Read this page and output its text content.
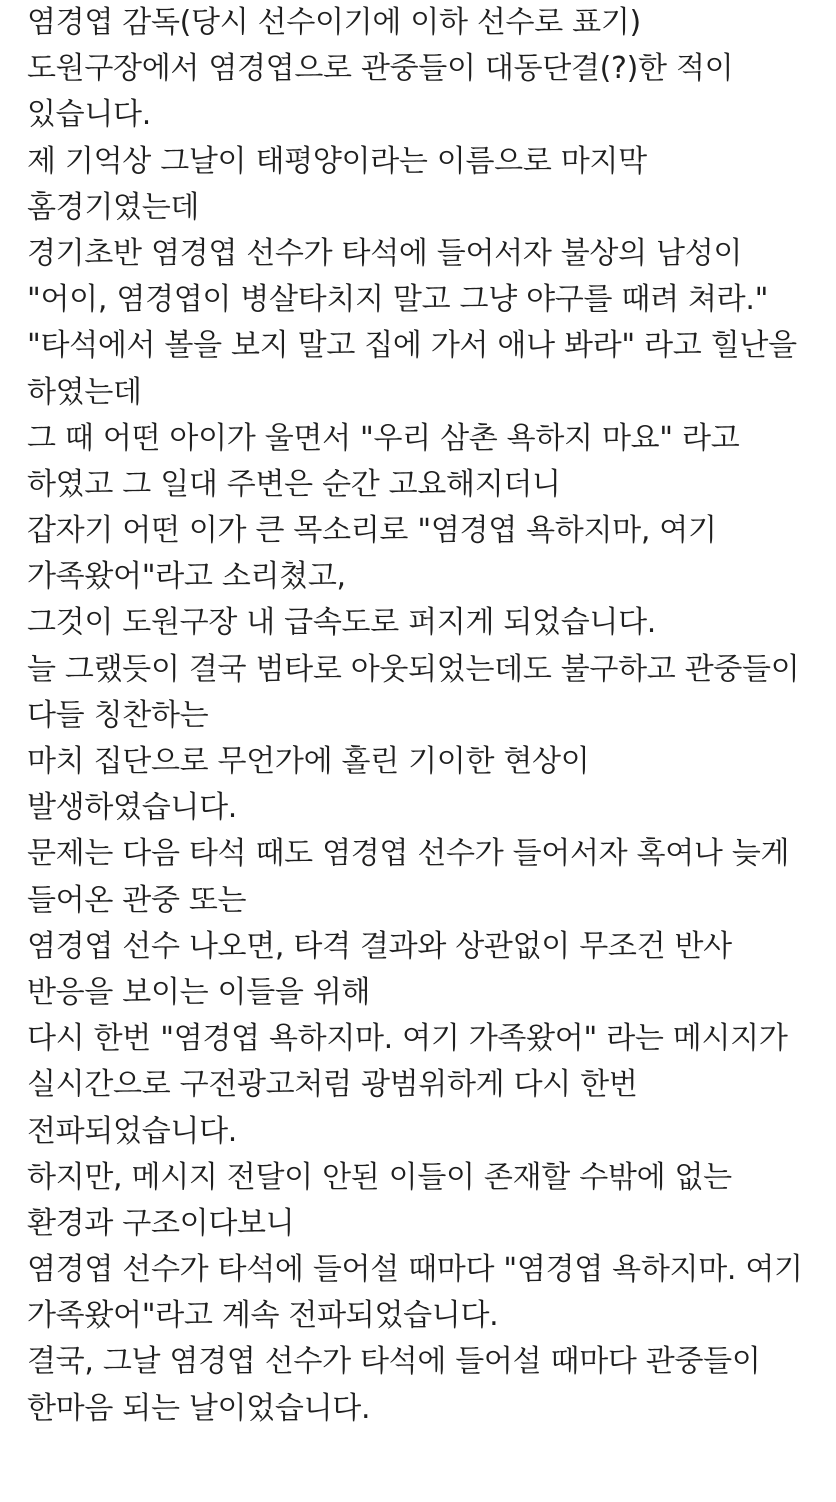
염경엽 감독(당시 선수이기에 이하 선수로 표기)
도원구장에서 염경엽으로 관중들이 대동단결(?)한 적이
있습니다.
제 기억상 그날이 태평양이라는 이름으로 마지막
홈경기였는데
경기초반 염경엽 선수가 타석에 들어서자 불상의 남성이
"어이, 염경엽이 병살타치지 말고 그냥 야구를 때려 쳐라."
"타석에서 볼을 보지 말고 집에 가서 애나 봐라" 라고 힐난을
하였는데
그 때 어떤 아이가 울면서 "우리 삼촌 욕하지 마요" 라고
하였고 그 일대 주변은 순간 고요해지더니
갑자기 어떤 이가 큰 목소리로 "염경엽 욕하지마, 여기
가족왔어"라고 소리쳤고,
그것이 도원구장 내 급속도로 퍼지게 되었습니다.
늘 그랬듯이 결국 범타로 아웃되었는데도 불구하고 관중들이
다들 칭찬하는
마치 집단으로 무언가에 홀린 기이한 현상이
발생하였습니다.
문제는 다음 타석 때도 염경엽 선수가 들어서자 혹여나 늦게
들어온 관중 또는
염경엽 선수 나오면, 타격 결과와 상관없이 무조건 반사
반응을 보이는 이들을 위해
다시 한번 "염경엽 욕하지마. 여기 가족왔어" 라는 메시지가
실시간으로 구전광고처럼 광범위하게 다시 한번
전파되었습니다.
하지만, 메시지 전달이 안된 이들이 존재할 수밖에 없는
환경과 구조이다보니
염경엽 선수가 타석에 들어설 때마다 "염경엽 욕하지마. 여기
가족왔어"라고 계속 전파되었습니다.
결국, 그날 염경엽 선수가 타석에 들어설 때마다 관중들이
한마음 되는 날이었습니다.
